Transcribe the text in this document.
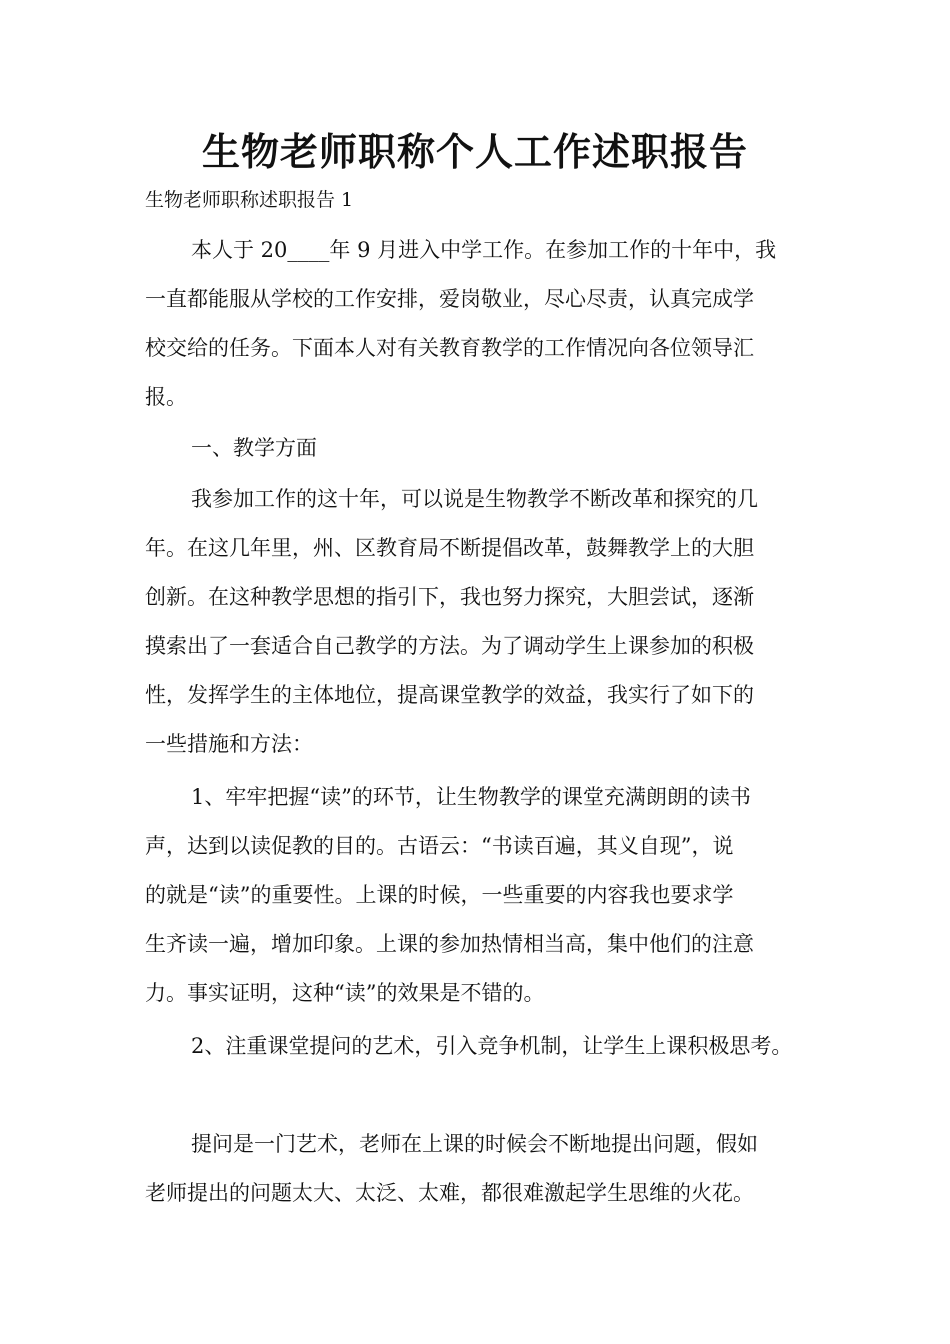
生物老师职称个人工作述职报告
生物老师职称述职报告 1
本人于 20____年 9 月进入中学工作。在参加工作的十年中，我
一直都能服从学校的工作安排，爱岗敬业，尽心尽责，认真完成学
校交给的任务。下面本人对有关教育教学的工作情况向各位领导汇
报。
一、教学方面
我参加工作的这十年，可以说是生物教学不断改革和探究的几
年。在这几年里，州、区教育局不断提倡改革，鼓舞教学上的大胆
创新。在这种教学思想的指引下，我也努力探究，大胆尝试，逐渐
摸索出了一套适合自己教学的方法。为了调动学生上课参加的积极
性，发挥学生的主体地位，提高课堂教学的效益，我实行了如下的
一些措施和方法：
1、牢牢把握“读”的环节，让生物教学的课堂充满朗朗的读书
声，达到以读促教的目的。古语云：“书读百遍，其义自现”，说
的就是“读”的重要性。上课的时候，一些重要的内容我也要求学
生齐读一遍，增加印象。上课的参加热情相当高，集中他们的注意
力。事实证明，这种“读”的效果是不错的。
2、注重课堂提问的艺术，引入竞争机制，让学生上课积极思考。
提问是一门艺术，老师在上课的时候会不断地提出问题，假如
老师提出的问题太大、太泛、太难，都很难激起学生思维的火花。
